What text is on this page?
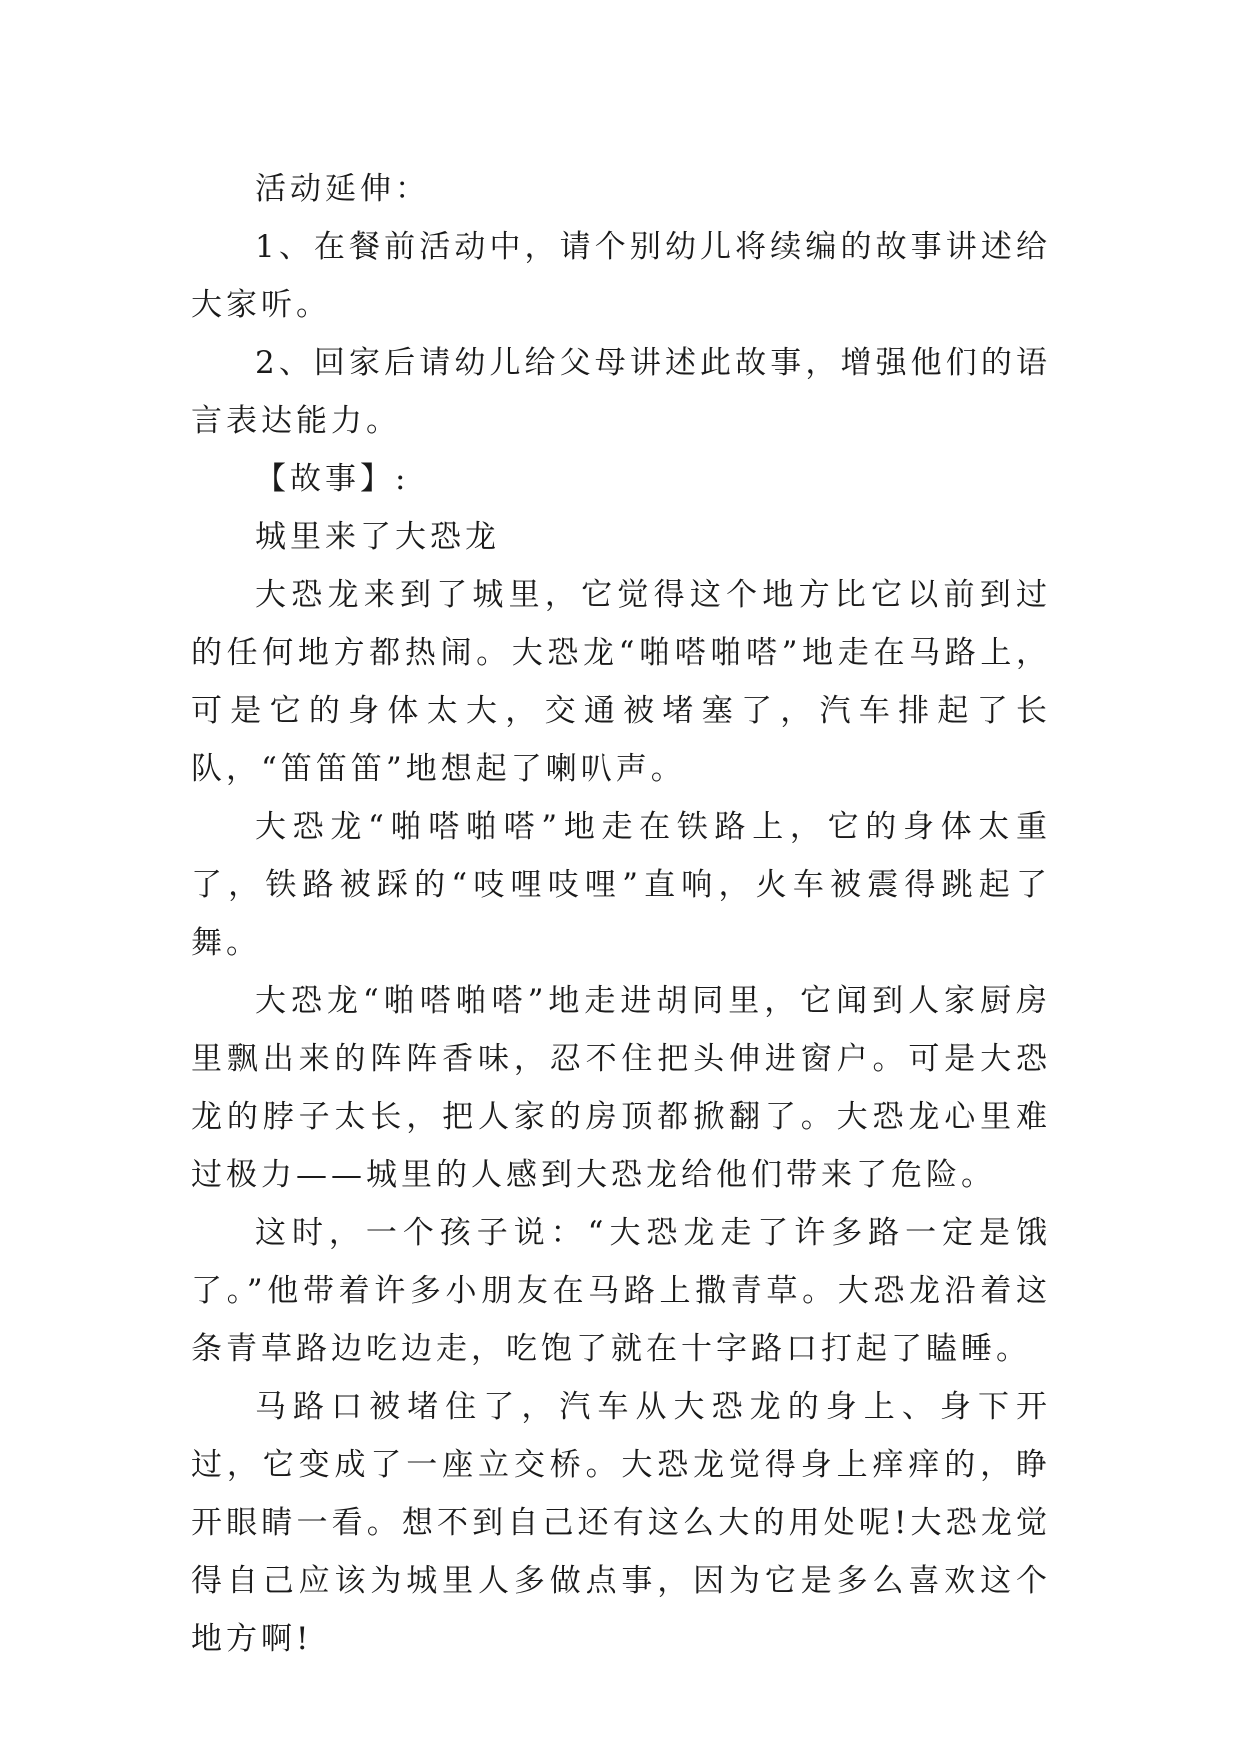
活动延伸：

1、在餐前活动中，请个别幼儿将续编的故事讲述给大家听。

2、回家后请幼儿给父母讲述此故事，增强他们的语言表达能力。

【故事】:

城里来了大恐龙

大恐龙来到了城里，它觉得这个地方比它以前到过的任何地方都热闹。大恐龙“啪嗒啪嗒”地走在马路上，可是它的身体太大，交通被堵塞了，汽车排起了长队，“笛笛笛”地想起了喇叭声。

大恐龙“啪嗒啪嗒”地走在铁路上，它的身体太重了，铁路被踩的“吱哩吱哩”直响，火车被震得跳起了舞。

大恐龙“啪嗒啪嗒”地走进胡同里，它闻到人家厨房里飘出来的阵阵香味，忍不住把头伸进窗户。可是大恐龙的脖子太长，把人家的房顶都掀翻了。大恐龙心里难过极力——城里的人感到大恐龙给他们带来了危险。

这时，一个孩子说：“大恐龙走了许多路一定是饿了。”他带着许多小朋友在马路上撒青草。大恐龙沿着这条青草路边吃边走，吃饱了就在十字路口打起了瞌睡。

马路口被堵住了，汽车从大恐龙的身上、身下开过，它变成了一座立交桥。大恐龙觉得身上痒痒的，睁开眼睛一看。想不到自己还有这么大的用处呢!大恐龙觉得自己应该为城里人多做点事，因为它是多么喜欢这个地方啊!
